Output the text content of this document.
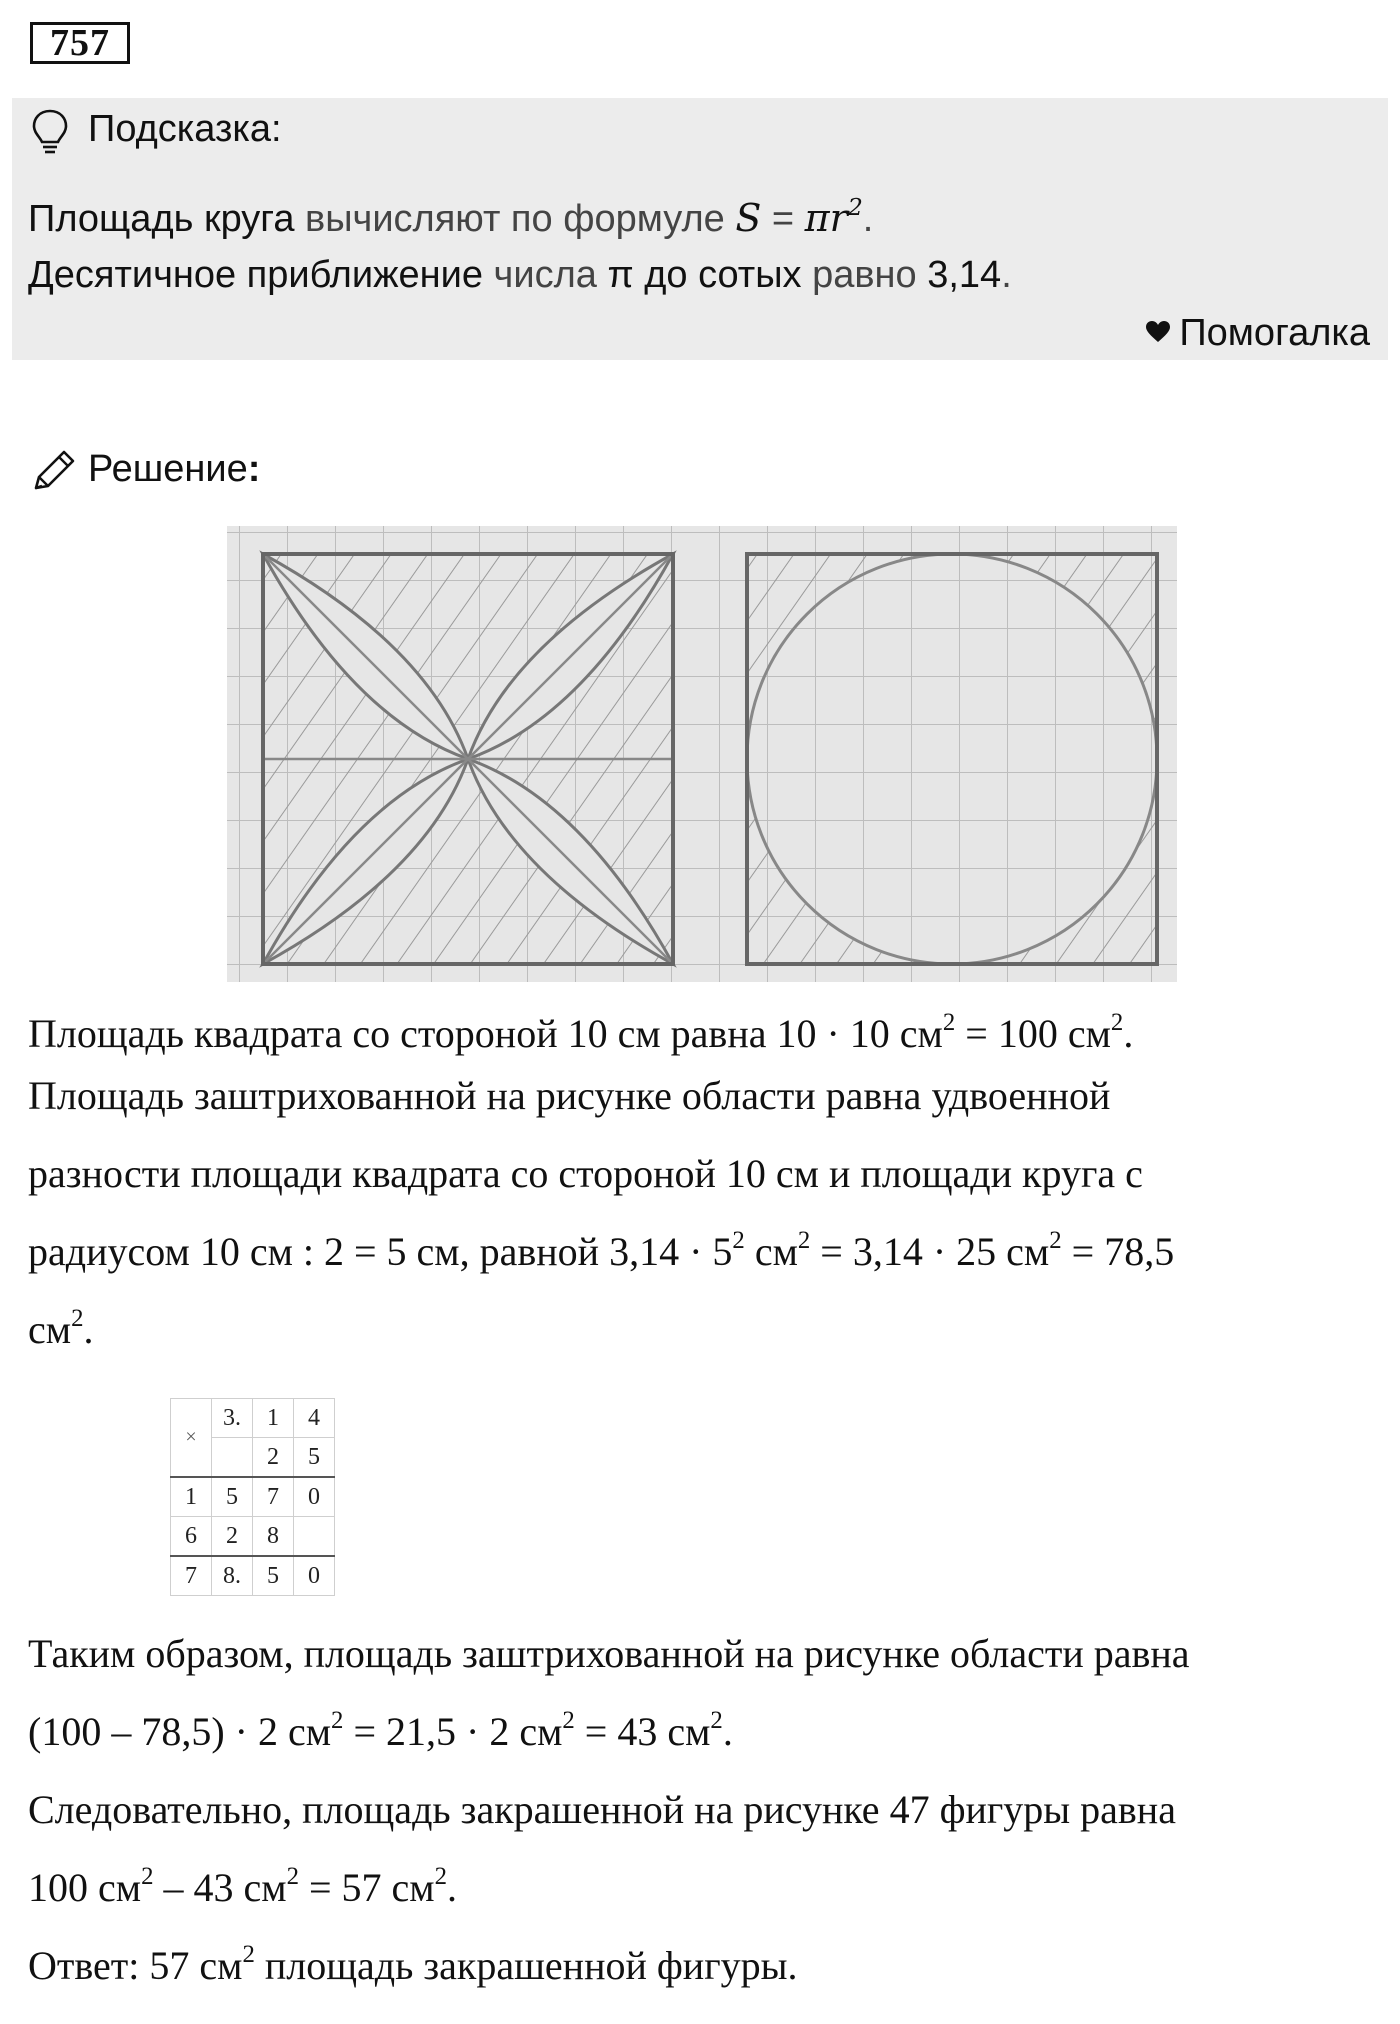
757
Подсказка:
Площадь круга вычисляют по формуле $S = \pi r^2$.
Десятичное приближение числа π до сотых равно 3,14.
Помогалка
Решение:
Площадь квадрата со стороной 10 см равна 10 · 10 $см^2 = 100$ $см^2$.
Площадь заштрихованной на рисунке области равна удвоенной
разности площади квадрата со стороной 10 см и площади круга с
радиусом 10 см : 2 = 5 см, равной $3,14 \cdot 5^2$ $см^2 = 3,14 \cdot 25$ $см^2 = 78,5$
$см^2$.
×	3.	1	4
		2	5
1	5	7	0
6	2	8	
7	8.	5	0
Таким образом, площадь заштрихованной на рисунке области равна
(100 – 78,5) · 2 $см^2 = 21,5 \cdot 2$ $см^2 = 43$ $см^2$.
Следовательно, площадь закрашенной на рисунке 47 фигуры равна
100 $см^2 - 43$ $см^2 = 57$ $см^2$.
Ответ: 57 $см^2$ площадь закрашенной фигуры.
